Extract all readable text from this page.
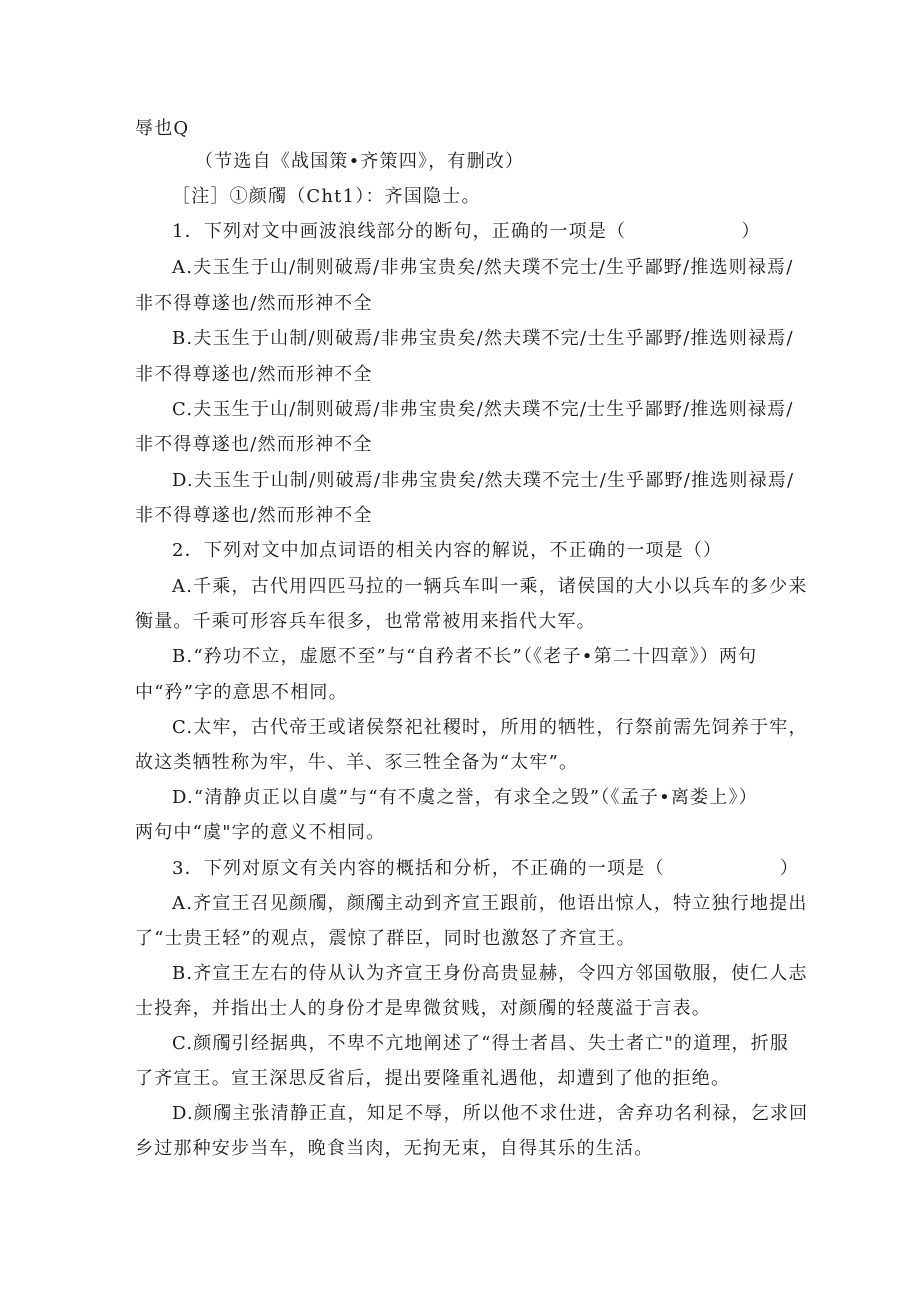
辱也Q
（节选自《战国策•齐策四》，有删改）
［注］①颜斶（Cht1）：齐国隐士。
1．下列对文中画波浪线部分的断句，正确的一项是（　　　　　　）
A.夫玉生于山/制则破焉/非弗宝贵矣/然夫璞不完士/生乎鄙野/推选则禄焉/
非不得尊遂也/然而形神不全
B.夫玉生于山制/则破焉/非弗宝贵矣/然夫璞不完/士生乎鄙野/推选则禄焉/
非不得尊遂也/然而形神不全
C.夫玉生于山/制则破焉/非弗宝贵矣/然夫璞不完/士生乎鄙野/推选则禄焉/
非不得尊遂也/然而形神不全
D.夫玉生于山制/则破焉/非弗宝贵矣/然夫璞不完士/生乎鄙野/推选则禄焉/
非不得尊遂也/然而形神不全
2．下列对文中加点词语的相关内容的解说，不正确的一项是（）
A.千乘，古代用四匹马拉的一辆兵车叫一乘，诸侯国的大小以兵车的多少来
衡量。千乘可形容兵车很多，也常常被用来指代大军。
B.“矜功不立，虚愿不至”与“自矜者不长”（《老子•第二十四章》）两句
中“矜”字的意思不相同。
C.太牢，古代帝王或诸侯祭祀社稷时，所用的牺牲，行祭前需先饲养于牢，
故这类牺牲称为牢，牛、羊、豕三牲全备为“太牢”。
D.“清静贞正以自虞”与“有不虞之誉，有求全之毁”（《孟子•离娄上》）
两句中“虞"字的意义不相同。
3．下列对原文有关内容的概括和分析，不正确的一项是（　　　　　　）
A.齐宣王召见颜斶，颜斶主动到齐宣王跟前，他语出惊人，特立独行地提出
了“士贵王轻”的观点，震惊了群臣，同时也激怒了齐宣王。
B.齐宣王左右的侍从认为齐宣王身份高贵显赫，令四方邻国敬服，使仁人志
士投奔，并指出士人的身份才是卑微贫贱，对颜斶的轻蔑溢于言表。
C.颜斶引经据典，不卑不亢地阐述了“得士者昌、失士者亡"的道理，折服
了齐宣王。宣王深思反省后，提出要隆重礼遇他，却遭到了他的拒绝。
D.颜斶主张清静正直，知足不辱，所以他不求仕进，舍弃功名利禄，乞求回
乡过那种安步当车，晚食当肉，无拘无束，自得其乐的生活。
